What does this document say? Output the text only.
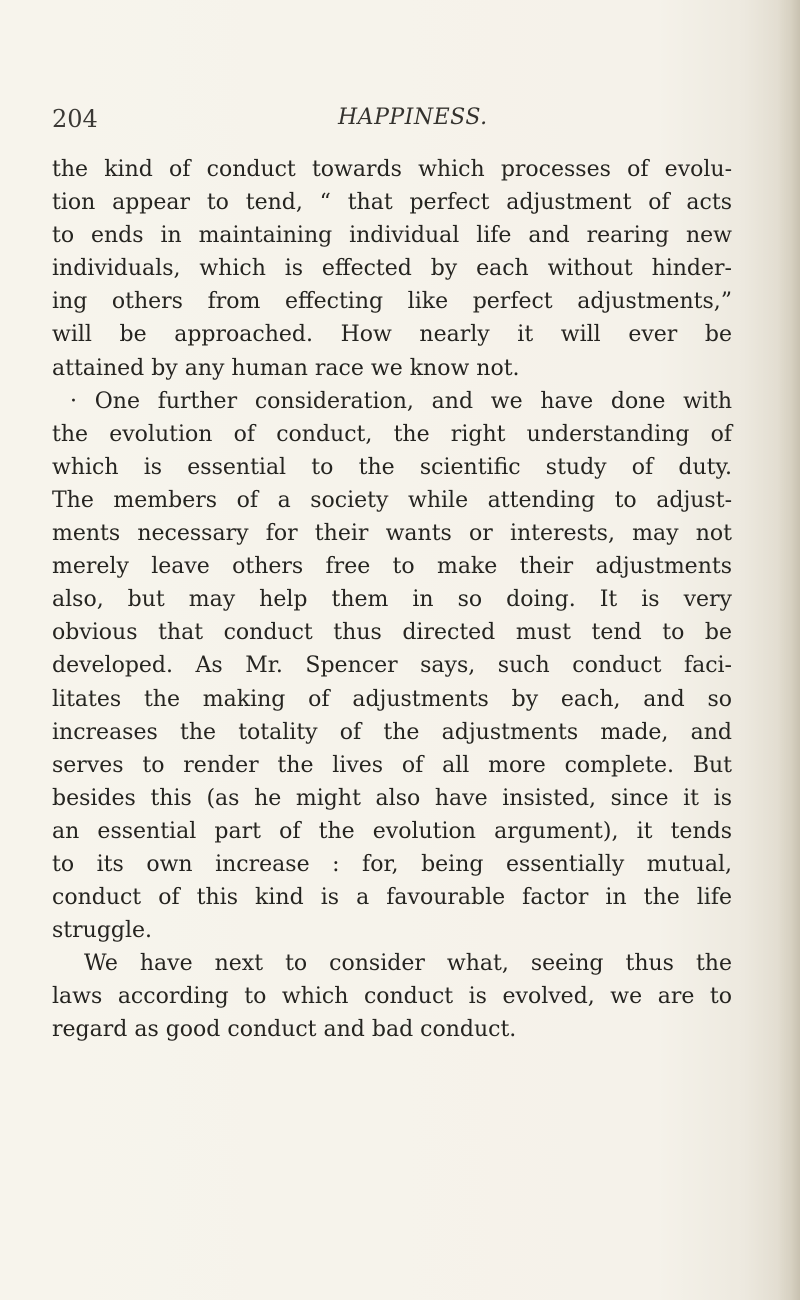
204	HAPPINESS.
the kind of conduct towards which processes of evolu-
tion appear to tend, “ that perfect adjustment of acts
to ends in maintaining individual life and rearing new
individuals, which is effected by each without hinder-
ing others from effecting like perfect adjustments,”
will be approached. How nearly it will ever be
attained by any human race we know not.
· One further consideration, and we have done with
the evolution of conduct, the right understanding of
which is essential to the scientific study of duty.
The members of a society while attending to adjust-
ments necessary for their wants or interests, may not
merely leave others free to make their adjustments
also, but may help them in so doing. It is very
obvious that conduct thus directed must tend to be
developed. As Mr. Spencer says, such conduct faci-
litates the making of adjustments by each, and so
increases the totality of the adjustments made, and
serves to render the lives of all more complete. But
besides this (as he might also have insisted, since it is
an essential part of the evolution argument), it tends
to its own increase : for, being essentially mutual,
conduct of this kind is a favourable factor in the life
struggle.
We have next to consider what, seeing thus the
laws according to which conduct is evolved, we are to
regard as good conduct and bad conduct.
